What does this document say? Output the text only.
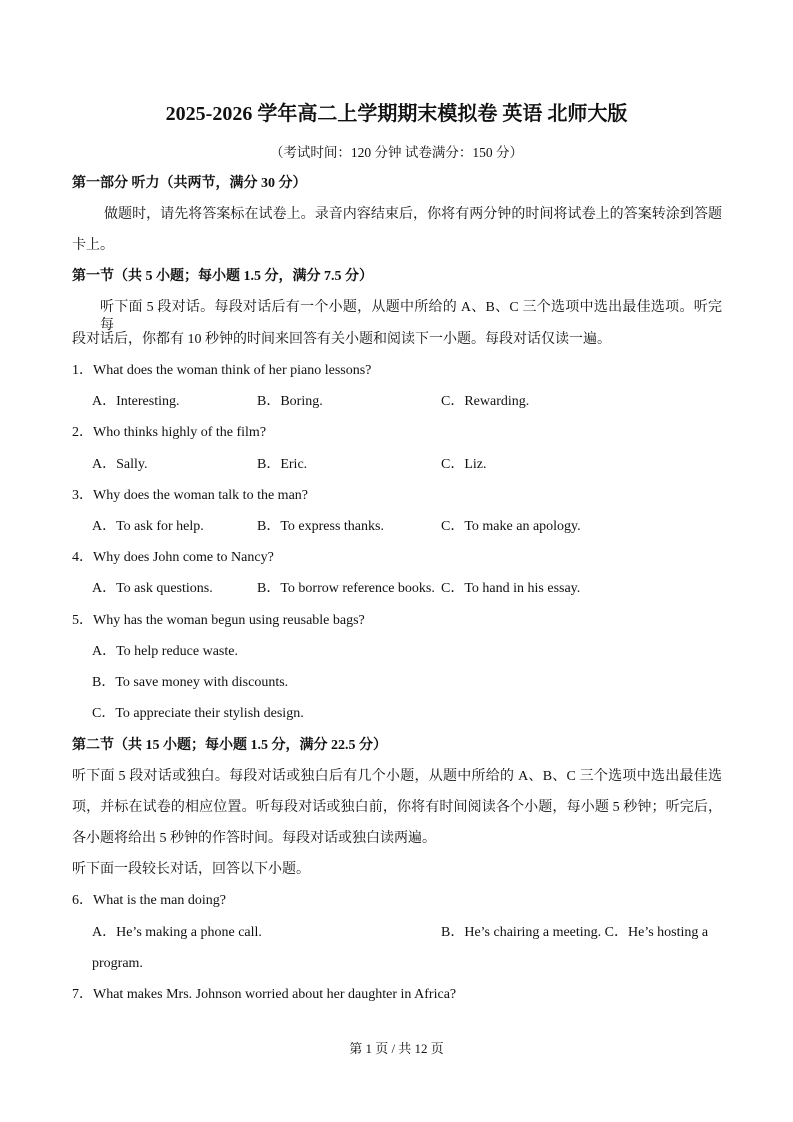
2025-2026 学年高二上学期期末模拟卷 英语 北师大版
（考试时间：120 分钟 试卷满分：150 分）
第一部分 听力（共两节，满分 30 分）
做题时，请先将答案标在试卷上。录音内容结束后，你将有两分钟的时间将试卷上的答案转涂到答题
卡上。
第一节（共 5 小题；每小题 1.5 分，满分 7.5 分）
听下面 5 段对话。每段对话后有一个小题，从题中所给的 A、B、C 三个选项中选出最佳选项。听完每
段对话后，你都有 10 秒钟的时间来回答有关小题和阅读下一小题。每段对话仅读一遍。
1．What does the woman think of her piano lessons?
A．Interesting.	B．Boring.	C．Rewarding.
2．Who thinks highly of the film?
A．Sally.	B．Eric.	C．Liz.
3．Why does the woman talk to the man?
A．To ask for help.	B．To express thanks.	C．To make an apology.
4．Why does John come to Nancy?
A．To ask questions.	B．To borrow reference books. C．To hand in his essay.
5．Why has the woman begun using reusable bags?
A．To help reduce waste.
B．To save money with discounts.
C．To appreciate their stylish design.
第二节（共 15 小题；每小题 1.5 分，满分 22.5 分）
听下面 5 段对话或独白。每段对话或独白后有几个小题，从题中所给的 A、B、C 三个选项中选出最佳选
项，并标在试卷的相应位置。听每段对话或独白前，你将有时间阅读各个小题，每小题 5 秒钟；听完后，
各小题将给出 5 秒钟的作答时间。每段对话或独白读两遍。
听下面一段较长对话，回答以下小题。
6．What is the man doing?
A．He’s making a phone call.	B．He’s chairing a meeting. C．He’s hosting a
program.
7．What makes Mrs. Johnson worried about her daughter in Africa?
第 1 页 / 共 12 页
